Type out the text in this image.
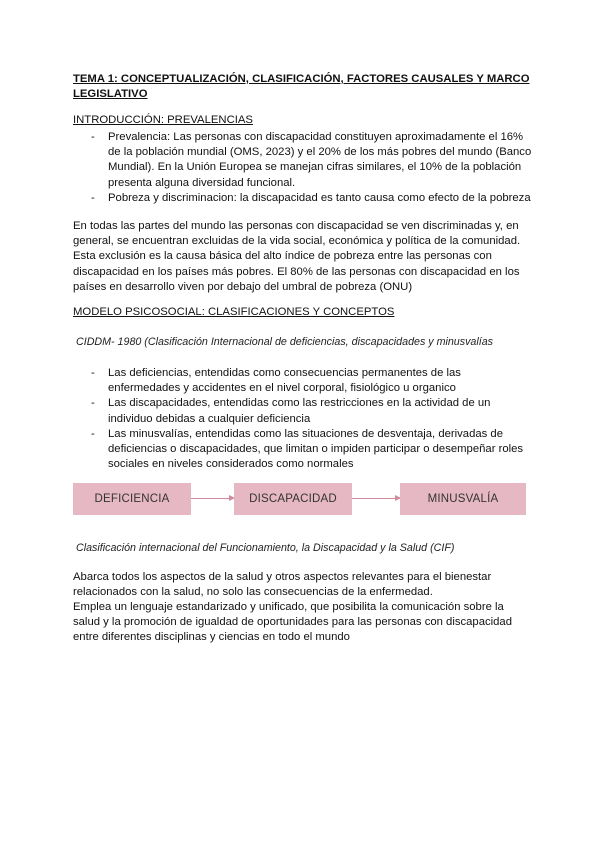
TEMA 1: CONCEPTUALIZACIÓN, CLASIFICACIÓN, FACTORES CAUSALES Y MARCO LEGISLATIVO
INTRODUCCIÓN: PREVALENCIAS
- Prevalencia: Las personas con discapacidad constituyen aproximadamente el 16% de la población mundial (OMS, 2023) y el 20% de los más pobres del mundo (Banco Mundial). En la Unión Europea se manejan cifras similares, el 10% de la población presenta alguna diversidad funcional.
- Pobreza y discriminacion: la discapacidad es tanto causa como efecto de la pobreza

En todas las partes del mundo las personas con discapacidad se ven discriminadas y, en general, se encuentran excluidas de la vida social, económica y política de la comunidad. Esta exclusión es la causa básica del alto índice de pobreza entre las personas con discapacidad en los países más pobres. El 80% de las personas con discapacidad en los países en desarrollo viven por debajo del umbral de pobreza (ONU)

MODELO PSICOSOCIAL: CLASIFICACIONES Y CONCEPTOS
CIDDM- 1980 (Clasificación Internacional de deficiencias, discapacidades y minusvalías
- Las deficiencias, entendidas como consecuencias permanentes de las enfermedades y accidentes en el nivel corporal, fisiológico u organico
- Las discapacidades, entendidas como las restricciones en la actividad de un individuo debidas a cualquier deficiencia
- Las minusvalías, entendidas como las situaciones de desventaja, derivadas de deficiencias o discapacidades, que limitan o impiden participar o desempeñar roles sociales en niveles considerados como normales
DEFICIENCIA	DISCAPACIDAD	MINUSVALÍA
Clasificación internacional del Funcionamiento, la Discapacidad y la Salud (CIF)

Abarca todos los aspectos de la salud y otros aspectos relevantes para el bienestar relacionados con la salud, no solo las consecuencias de la enfermedad.

Emplea un lenguaje estandarizado y unificado, que posibilita la comunicación sobre la salud y la promoción de igualdad de oportunidades para las personas con discapacidad entre diferentes disciplinas y ciencias en todo el mundo
